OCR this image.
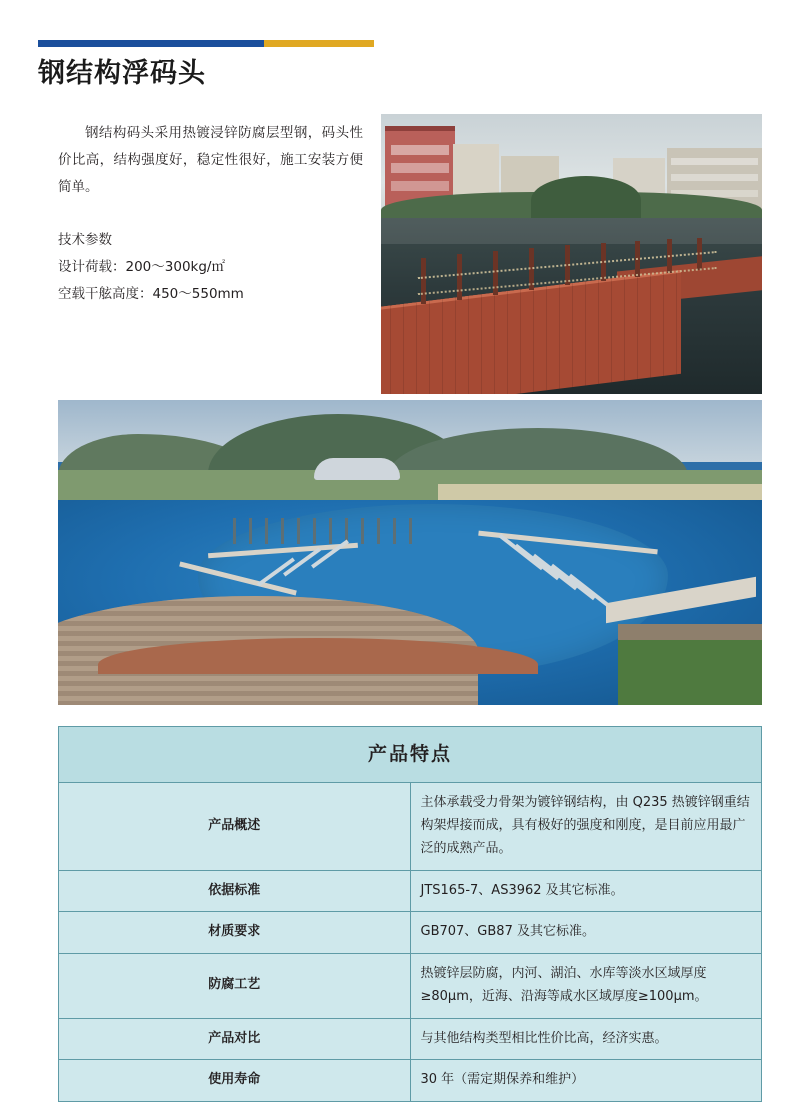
钢结构浮码头

钢结构码头采用热镀浸锌防腐层型钢，码头性价比高，结构强度好，稳定性很好，施工安装方便简单。

技术参数
设计荷载：200～300kg/㎡
空载干舷高度：450～550mm
产品特点	
产品概述	主体承载受力骨架为镀锌钢结构，由 Q235 热镀锌钢重结构架焊接而成，具有极好的强度和刚度，是目前应用最广泛的成熟产品。
依据标准	JTS165-7、AS3962 及其它标准。
材质要求	GB707、GB87 及其它标准。
防腐工艺	热镀锌层防腐，内河、湖泊、水库等淡水区域厚度≥80μm，近海、沿海等咸水区域厚度≥100μm。
产品对比	与其他结构类型相比性价比高，经济实惠。
使用寿命	30 年（需定期保养和维护）
